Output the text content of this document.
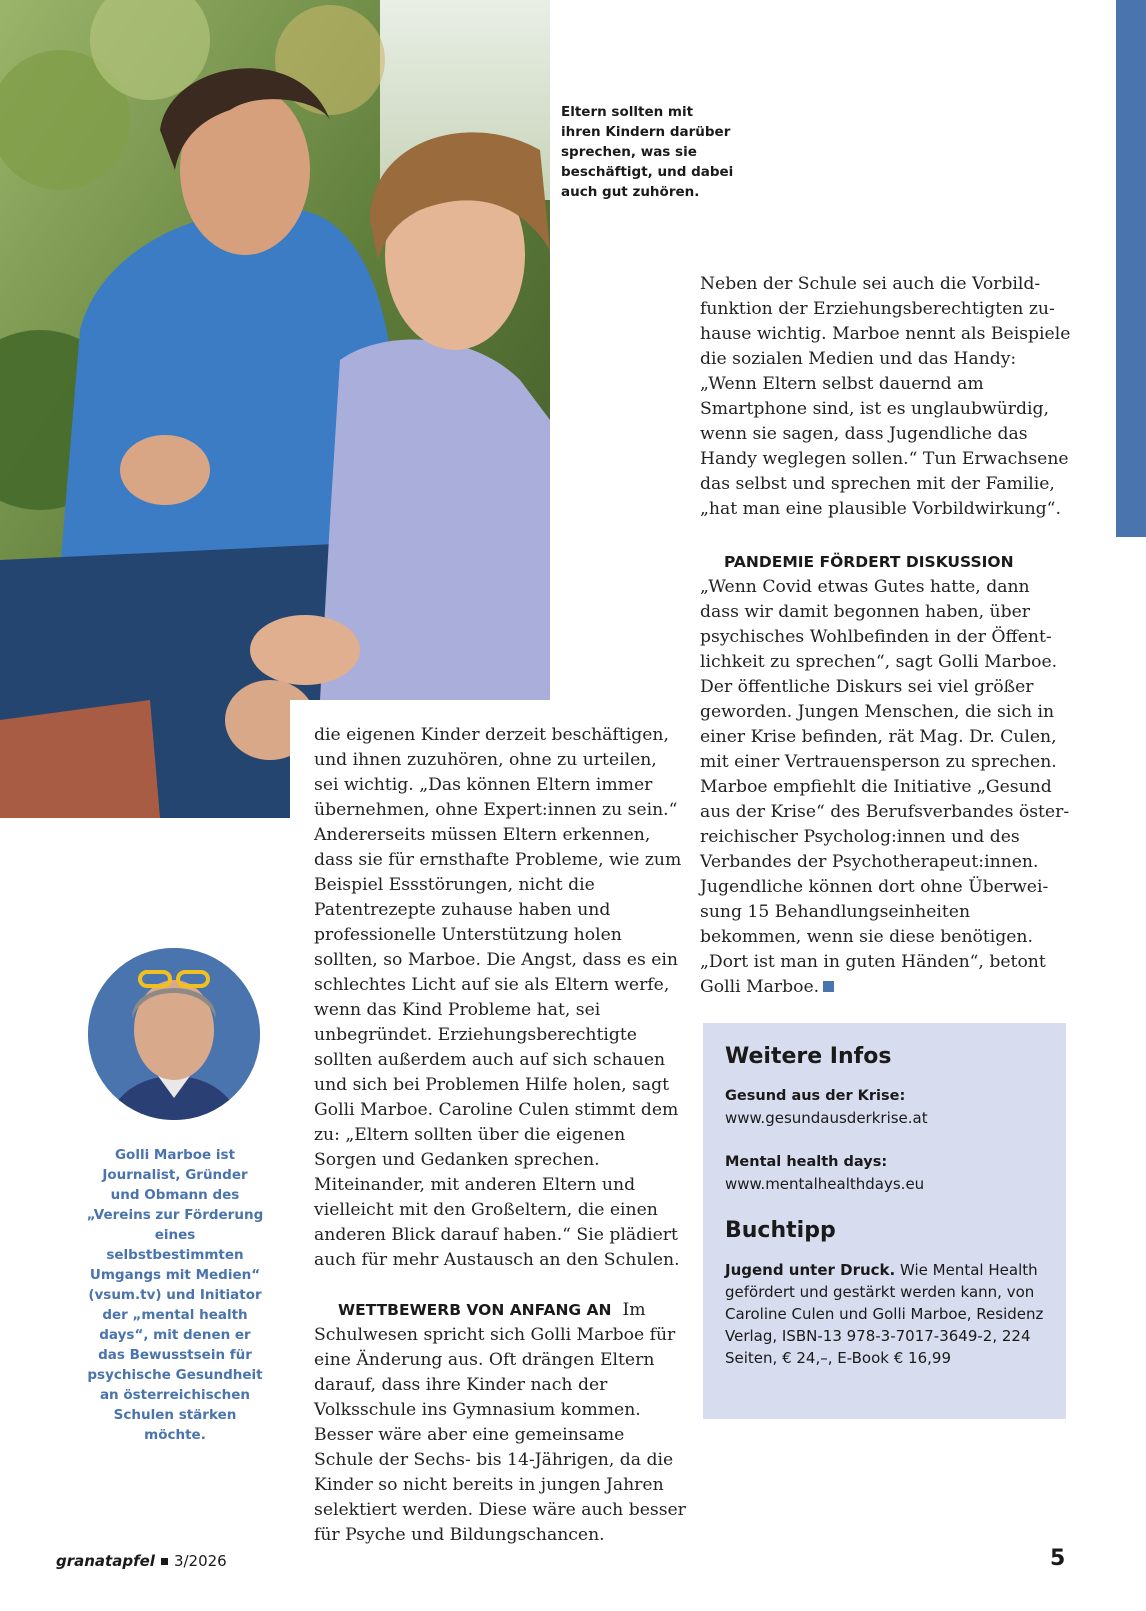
Eltern sollten mit ihren Kindern darüber sprechen, was sie beschäftigt, und dabei auch gut zuhören.

Neben der Schule sei auch die Vorbildfunktion der Erziehungsberechtigten zuhause wichtig. Marboe nennt als Beispiele die sozialen Medien und das Handy: „Wenn Eltern selbst dauernd am Smartphone sind, ist es unglaubwürdig, wenn sie sagen, dass Jugendliche das Handy weglegen sollen.“ Tun Erwachsene das selbst und sprechen mit der Familie, „hat man eine plausible Vorbildwirkung“.

PANDEMIE FÖRDERT DISKUSSION

„Wenn Covid etwas Gutes hatte, dann dass wir damit begonnen haben, über psychisches Wohlbefinden in der Öffentlichkeit zu sprechen“, sagt Golli Marboe. Der öffentliche Diskurs sei viel größer geworden. Jungen Menschen, die sich in einer Krise befinden, rät Mag. Dr. Culen, mit einer Vertrauensperson zu sprechen. Marboe empfiehlt die Initiative „Gesund aus der Krise“ des Berufsverbandes österreichischer Psycholog:innen und des Verbandes der Psychotherapeut:innen. Jugendliche können dort ohne Überweisung 15 Behandlungseinheiten bekommen, wenn sie diese benötigen. „Dort ist man in guten Händen“, betont Golli Marboe.

die eigenen Kinder derzeit beschäftigen, und ihnen zuzuhören, ohne zu urteilen, sei wichtig. „Das können Eltern immer übernehmen, ohne Expert:innen zu sein.“ Andererseits müssen Eltern erkennen, dass sie für ernsthafte Probleme, wie zum Beispiel Essstörungen, nicht die Patentrezepte zuhause haben und professionelle Unterstützung holen sollten, so Marboe. Die Angst, dass es ein schlechtes Licht auf sie als Eltern werfe, wenn das Kind Probleme hat, sei unbegründet. Erziehungsberechtigte sollten außerdem auch auf sich schauen und sich bei Problemen Hilfe holen, sagt Golli Marboe. Caroline Culen stimmt dem zu: „Eltern sollten über die eigenen Sorgen und Gedanken sprechen. Miteinander, mit anderen Eltern und vielleicht mit den Großeltern, die einen anderen Blick darauf haben.“ Sie plädiert auch für mehr Austausch an den Schulen.

WETTBEWERB VON ANFANG AN Im Schulwesen spricht sich Golli Marboe für eine Änderung aus. Oft drängen Eltern darauf, dass ihre Kinder nach der Volksschule ins Gymnasium kommen. Besser wäre aber eine gemeinsame Schule der Sechs- bis 14-Jährigen, da die Kinder so nicht bereits in jungen Jahren selektiert werden. Diese wäre auch besser für Psyche und Bildungschancen.

Golli Marboe ist Journalist, Gründer und Obmann des „Vereins zur Förderung eines selbstbestimmten Umgangs mit Medien“ (vsum.tv) und Initiator der „mental health days“, mit denen er das Bewusstsein für psychische Gesundheit an österreichischen Schulen stärken möchte.
Weitere Infos
Gesund aus der Krise:
www.gesundausderkrise.at
Mental health days:
www.mentalhealthdays.eu
Buchtipp
Jugend unter Druck. Wie Mental Health gefördert und gestärkt werden kann, von Caroline Culen und Golli Marboe, Residenz Verlag, ISBN-13 978-3-7017-3649-2, 224 Seiten, € 24,–, E-Book € 16,99
granatapfel 3/2026	5
